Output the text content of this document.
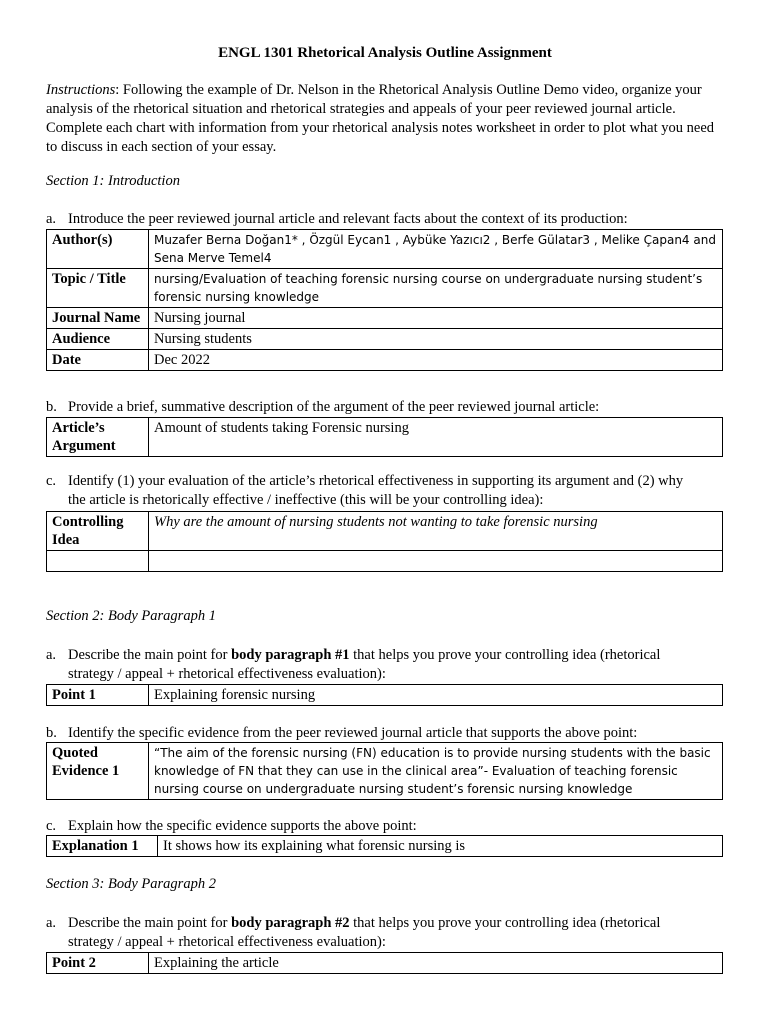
ENGL 1301 Rhetorical Analysis Outline Assignment
Instructions: Following the example of Dr. Nelson in the Rhetorical Analysis Outline Demo video, organize your analysis of the rhetorical situation and rhetorical strategies and appeals of your peer reviewed journal article. Complete each chart with information from your rhetorical analysis notes worksheet in order to plot what you need to discuss in each section of your essay.
Section 1: Introduction
a. Introduce the peer reviewed journal article and relevant facts about the context of its production:
Author(s)	Muzafer Berna Doğan1* , Özgül Eycan1 , Aybüke Yazıcı2 , Berfe Gülatar3 , Melike Çapan4 and Sena Merve Temel4
Topic / Title	nursing/Evaluation of teaching forensic nursing course on undergraduate nursing student’s forensic nursing knowledge
Journal Name	Nursing journal
Audience	Nursing students
Date	Dec 2022
b. Provide a brief, summative description of the argument of the peer reviewed journal article:
Article’s Argument	Amount of students taking Forensic nursing
c. Identify (1) your evaluation of the article’s rhetorical effectiveness in supporting its argument and (2) why
the article is rhetorically effective / ineffective (this will be your controlling idea):
Controlling Idea	Why are the amount of nursing students not wanting to take forensic nursing

Section 2: Body Paragraph 1
a. Describe the main point for body paragraph #1 that helps you prove your controlling idea (rhetorical
strategy / appeal + rhetorical effectiveness evaluation):
Point 1	Explaining forensic nursing
b. Identify the specific evidence from the peer reviewed journal article that supports the above point:
Quoted Evidence 1	“The aim of the forensic nursing (FN) education is to provide nursing students with the basic knowledge of FN that they can use in the clinical area”- Evaluation of teaching forensic nursing course on undergraduate nursing student’s forensic nursing knowledge
c. Explain how the specific evidence supports the above point:
Explanation 1	It shows how its explaining what forensic nursing is
Section 3: Body Paragraph 2
a. Describe the main point for body paragraph #2 that helps you prove your controlling idea (rhetorical
strategy / appeal + rhetorical effectiveness evaluation):
Point 2	Explaining the article
